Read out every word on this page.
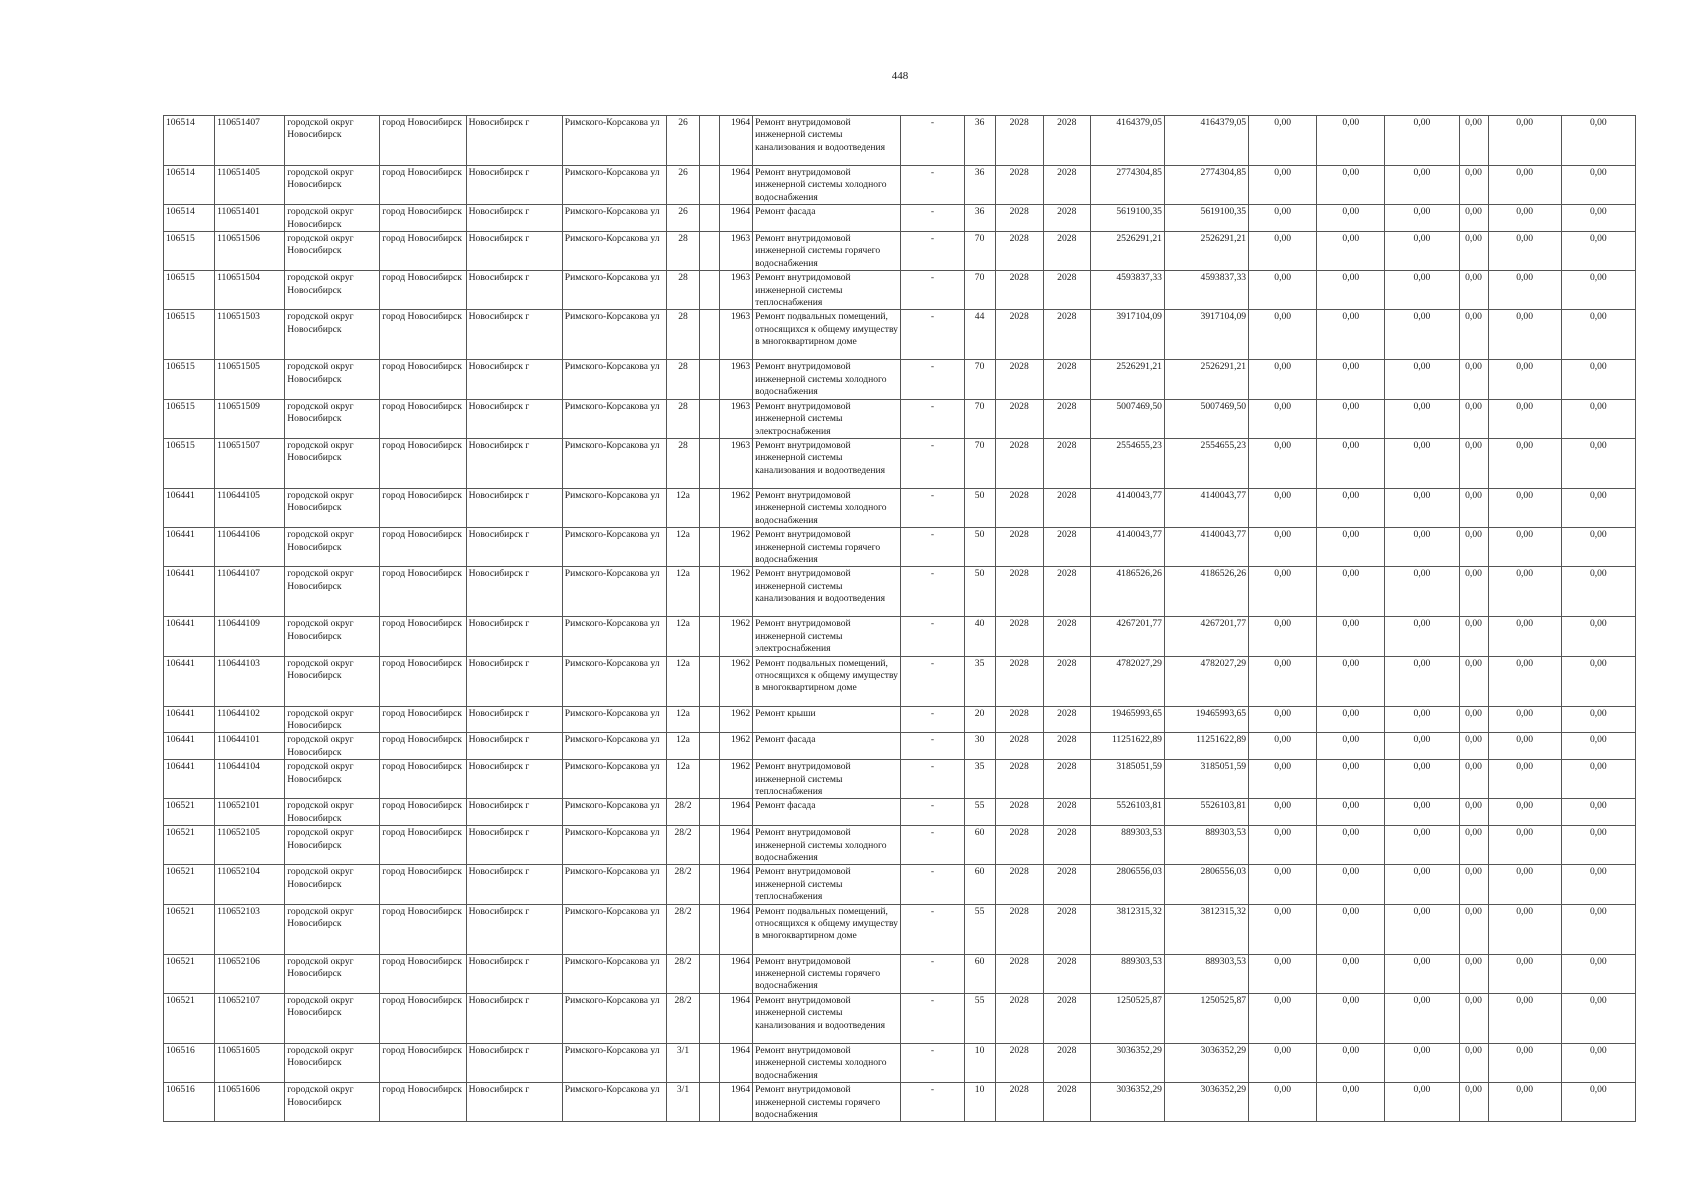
448
106514	110651407	городской округ Новосибирск	город Новосибирск	Новосибирск г	Римского-Корсакова ул	26		1964	Ремонт внутридомовой инженерной системы канализования и водоотведения	-	36	2028	2028	4164379,05	4164379,05	0,00	0,00	0,00	0,00	0,00	0,00
106514	110651405	городской округ Новосибирск	город Новосибирск	Новосибирск г	Римского-Корсакова ул	26		1964	Ремонт внутридомовой инженерной системы холодного водоснабжения	-	36	2028	2028	2774304,85	2774304,85	0,00	0,00	0,00	0,00	0,00	0,00
106514	110651401	городской округ Новосибирск	город Новосибирск	Новосибирск г	Римского-Корсакова ул	26		1964	Ремонт фасада	-	36	2028	2028	5619100,35	5619100,35	0,00	0,00	0,00	0,00	0,00	0,00
106515	110651506	городской округ Новосибирск	город Новосибирск	Новосибирск г	Римского-Корсакова ул	28		1963	Ремонт внутридомовой инженерной системы горячего водоснабжения	-	70	2028	2028	2526291,21	2526291,21	0,00	0,00	0,00	0,00	0,00	0,00
106515	110651504	городской округ Новосибирск	город Новосибирск	Новосибирск г	Римского-Корсакова ул	28		1963	Ремонт внутридомовой инженерной системы теплоснабжения	-	70	2028	2028	4593837,33	4593837,33	0,00	0,00	0,00	0,00	0,00	0,00
106515	110651503	городской округ Новосибирск	город Новосибирск	Новосибирск г	Римского-Корсакова ул	28		1963	Ремонт подвальных помещений, относящихся к общему имуществу в многоквартирном доме	-	44	2028	2028	3917104,09	3917104,09	0,00	0,00	0,00	0,00	0,00	0,00
106515	110651505	городской округ Новосибирск	город Новосибирск	Новосибирск г	Римского-Корсакова ул	28		1963	Ремонт внутридомовой инженерной системы холодного водоснабжения	-	70	2028	2028	2526291,21	2526291,21	0,00	0,00	0,00	0,00	0,00	0,00
106515	110651509	городской округ Новосибирск	город Новосибирск	Новосибирск г	Римского-Корсакова ул	28		1963	Ремонт внутридомовой инженерной системы электроснабжения	-	70	2028	2028	5007469,50	5007469,50	0,00	0,00	0,00	0,00	0,00	0,00
106515	110651507	городской округ Новосибирск	город Новосибирск	Новосибирск г	Римского-Корсакова ул	28		1963	Ремонт внутридомовой инженерной системы канализования и водоотведения	-	70	2028	2028	2554655,23	2554655,23	0,00	0,00	0,00	0,00	0,00	0,00
106441	110644105	городской округ Новосибирск	город Новосибирск	Новосибирск г	Римского-Корсакова ул	12а		1962	Ремонт внутридомовой инженерной системы холодного водоснабжения	-	50	2028	2028	4140043,77	4140043,77	0,00	0,00	0,00	0,00	0,00	0,00
106441	110644106	городской округ Новосибирск	город Новосибирск	Новосибирск г	Римского-Корсакова ул	12а		1962	Ремонт внутридомовой инженерной системы горячего водоснабжения	-	50	2028	2028	4140043,77	4140043,77	0,00	0,00	0,00	0,00	0,00	0,00
106441	110644107	городской округ Новосибирск	город Новосибирск	Новосибирск г	Римского-Корсакова ул	12а		1962	Ремонт внутридомовой инженерной системы канализования и водоотведения	-	50	2028	2028	4186526,26	4186526,26	0,00	0,00	0,00	0,00	0,00	0,00
106441	110644109	городской округ Новосибирск	город Новосибирск	Новосибирск г	Римского-Корсакова ул	12а		1962	Ремонт внутридомовой инженерной системы электроснабжения	-	40	2028	2028	4267201,77	4267201,77	0,00	0,00	0,00	0,00	0,00	0,00
106441	110644103	городской округ Новосибирск	город Новосибирск	Новосибирск г	Римского-Корсакова ул	12а		1962	Ремонт подвальных помещений, относящихся к общему имуществу в многоквартирном доме	-	35	2028	2028	4782027,29	4782027,29	0,00	0,00	0,00	0,00	0,00	0,00
106441	110644102	городской округ Новосибирск	город Новосибирск	Новосибирск г	Римского-Корсакова ул	12а		1962	Ремонт крыши	-	20	2028	2028	19465993,65	19465993,65	0,00	0,00	0,00	0,00	0,00	0,00
106441	110644101	городской округ Новосибирск	город Новосибирск	Новосибирск г	Римского-Корсакова ул	12а		1962	Ремонт фасада	-	30	2028	2028	11251622,89	11251622,89	0,00	0,00	0,00	0,00	0,00	0,00
106441	110644104	городской округ Новосибирск	город Новосибирск	Новосибирск г	Римского-Корсакова ул	12а		1962	Ремонт внутридомовой инженерной системы теплоснабжения	-	35	2028	2028	3185051,59	3185051,59	0,00	0,00	0,00	0,00	0,00	0,00
106521	110652101	городской округ Новосибирск	город Новосибирск	Новосибирск г	Римского-Корсакова ул	28/2		1964	Ремонт фасада	-	55	2028	2028	5526103,81	5526103,81	0,00	0,00	0,00	0,00	0,00	0,00
106521	110652105	городской округ Новосибирск	город Новосибирск	Новосибирск г	Римского-Корсакова ул	28/2		1964	Ремонт внутридомовой инженерной системы холодного водоснабжения	-	60	2028	2028	889303,53	889303,53	0,00	0,00	0,00	0,00	0,00	0,00
106521	110652104	городской округ Новосибирск	город Новосибирск	Новосибирск г	Римского-Корсакова ул	28/2		1964	Ремонт внутридомовой инженерной системы теплоснабжения	-	60	2028	2028	2806556,03	2806556,03	0,00	0,00	0,00	0,00	0,00	0,00
106521	110652103	городской округ Новосибирск	город Новосибирск	Новосибирск г	Римского-Корсакова ул	28/2		1964	Ремонт подвальных помещений, относящихся к общему имуществу в многоквартирном доме	-	55	2028	2028	3812315,32	3812315,32	0,00	0,00	0,00	0,00	0,00	0,00
106521	110652106	городской округ Новосибирск	город Новосибирск	Новосибирск г	Римского-Корсакова ул	28/2		1964	Ремонт внутридомовой инженерной системы горячего водоснабжения	-	60	2028	2028	889303,53	889303,53	0,00	0,00	0,00	0,00	0,00	0,00
106521	110652107	городской округ Новосибирск	город Новосибирск	Новосибирск г	Римского-Корсакова ул	28/2		1964	Ремонт внутридомовой инженерной системы канализования и водоотведения	-	55	2028	2028	1250525,87	1250525,87	0,00	0,00	0,00	0,00	0,00	0,00
106516	110651605	городской округ Новосибирск	город Новосибирск	Новосибирск г	Римского-Корсакова ул	3/1		1964	Ремонт внутридомовой инженерной системы холодного водоснабжения	-	10	2028	2028	3036352,29	3036352,29	0,00	0,00	0,00	0,00	0,00	0,00
106516	110651606	городской округ Новосибирск	город Новосибирск	Новосибирск г	Римского-Корсакова ул	3/1		1964	Ремонт внутридомовой инженерной системы горячего водоснабжения	-	10	2028	2028	3036352,29	3036352,29	0,00	0,00	0,00	0,00	0,00	0,00
